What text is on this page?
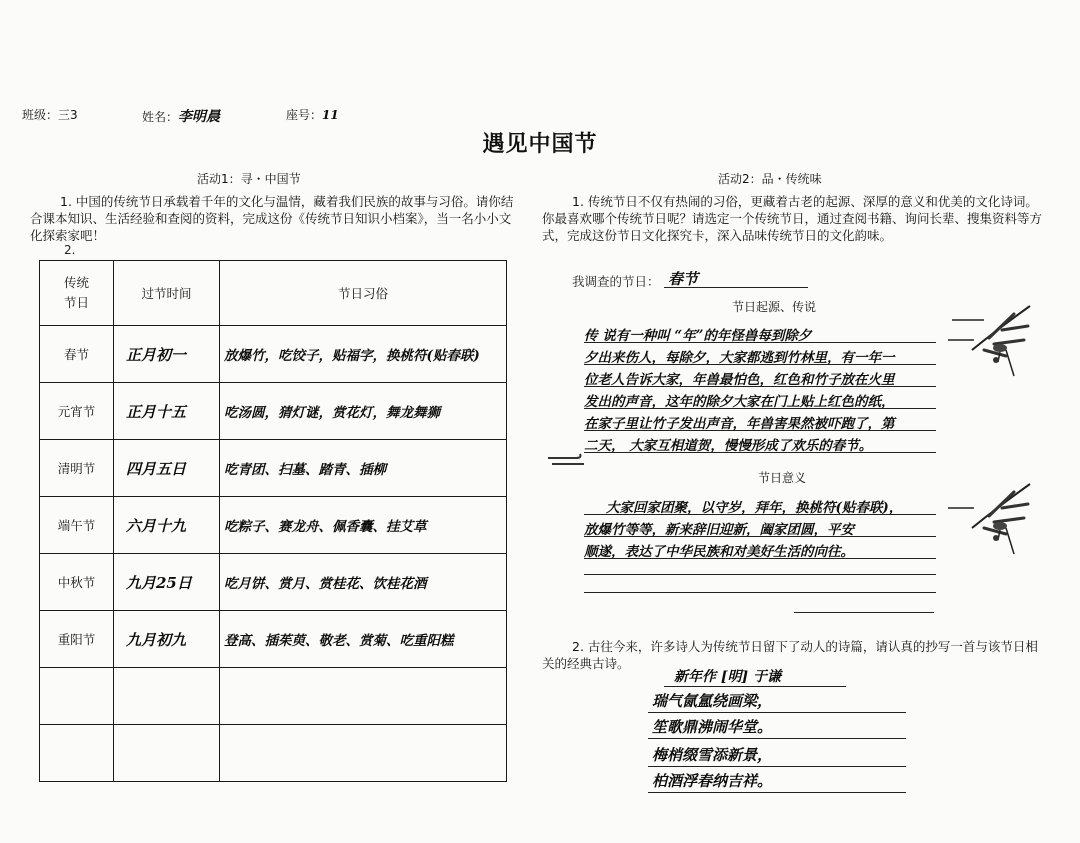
班级：三3	姓名：李明晨	座号：11
遇见中国节
活动1：寻・中国节
1. 中国的传统节日承载着千年的文化与温情，藏着我们民族的故事与习俗。请你结合课本知识、生活经验和查阅的资料，完成这份《传统节日知识小档案》，当一名小小文化探索家吧！
2.
传统
节日	过节时间	节日习俗
春节	正月初一	放爆竹，吃饺子，贴福字，换桃符(贴春联)
元宵节	正月十五	吃汤圆，猜灯谜，赏花灯，舞龙舞狮
清明节	四月五日	吃青团、扫墓、踏青、插柳
端午节	六月十九	吃粽子、赛龙舟、佩香囊、挂艾草
中秋节	九月25日	吃月饼、赏月、赏桂花、饮桂花酒
重阳节	九月初九	登高、插茱萸、敬老、赏菊、吃重阳糕

活动2：品・传统味
1. 传统节日不仅有热闹的习俗，更藏着古老的起源、深厚的意义和优美的文化诗词。你最喜欢哪个传统节日呢？请选定一个传统节日，通过查阅书籍、询问长辈、搜集资料等方式，完成这份节日文化探究卡，深入品味传统节日的文化韵味。
我调查的节日： 春节
节日起源、传说
传 说有一种叫 “年”的年怪兽每到除夕
夕出来伤人，每除夕，大家都逃到竹林里，有一年一
位老人告诉大家，年兽最怕色，红色和竹子放在火里
发出的声音，这年的除夕大家在门上贴上红色的纸，
在家子里让竹子发出声音，年兽害果然被吓跑了，第
二天， 大家互相道贺，慢慢形成了欢乐的春节。
节日意义
大家回家团聚，以守岁，拜年，换桃符(贴春联)，
放爆竹等等，新来辞旧迎新，阖家团圆，平安
顺遂，表达了中华民族和对美好生活的向往。
2. 古往今来，许多诗人为传统节日留下了动人的诗篇，请认真的抄写一首与该节日相关的经典古诗。
新年作 [明] 于谦
瑞气氤氲绕画梁，
笙歌鼎沸闹华堂。
梅梢缀雪添新景，
柏酒浮春纳吉祥。
